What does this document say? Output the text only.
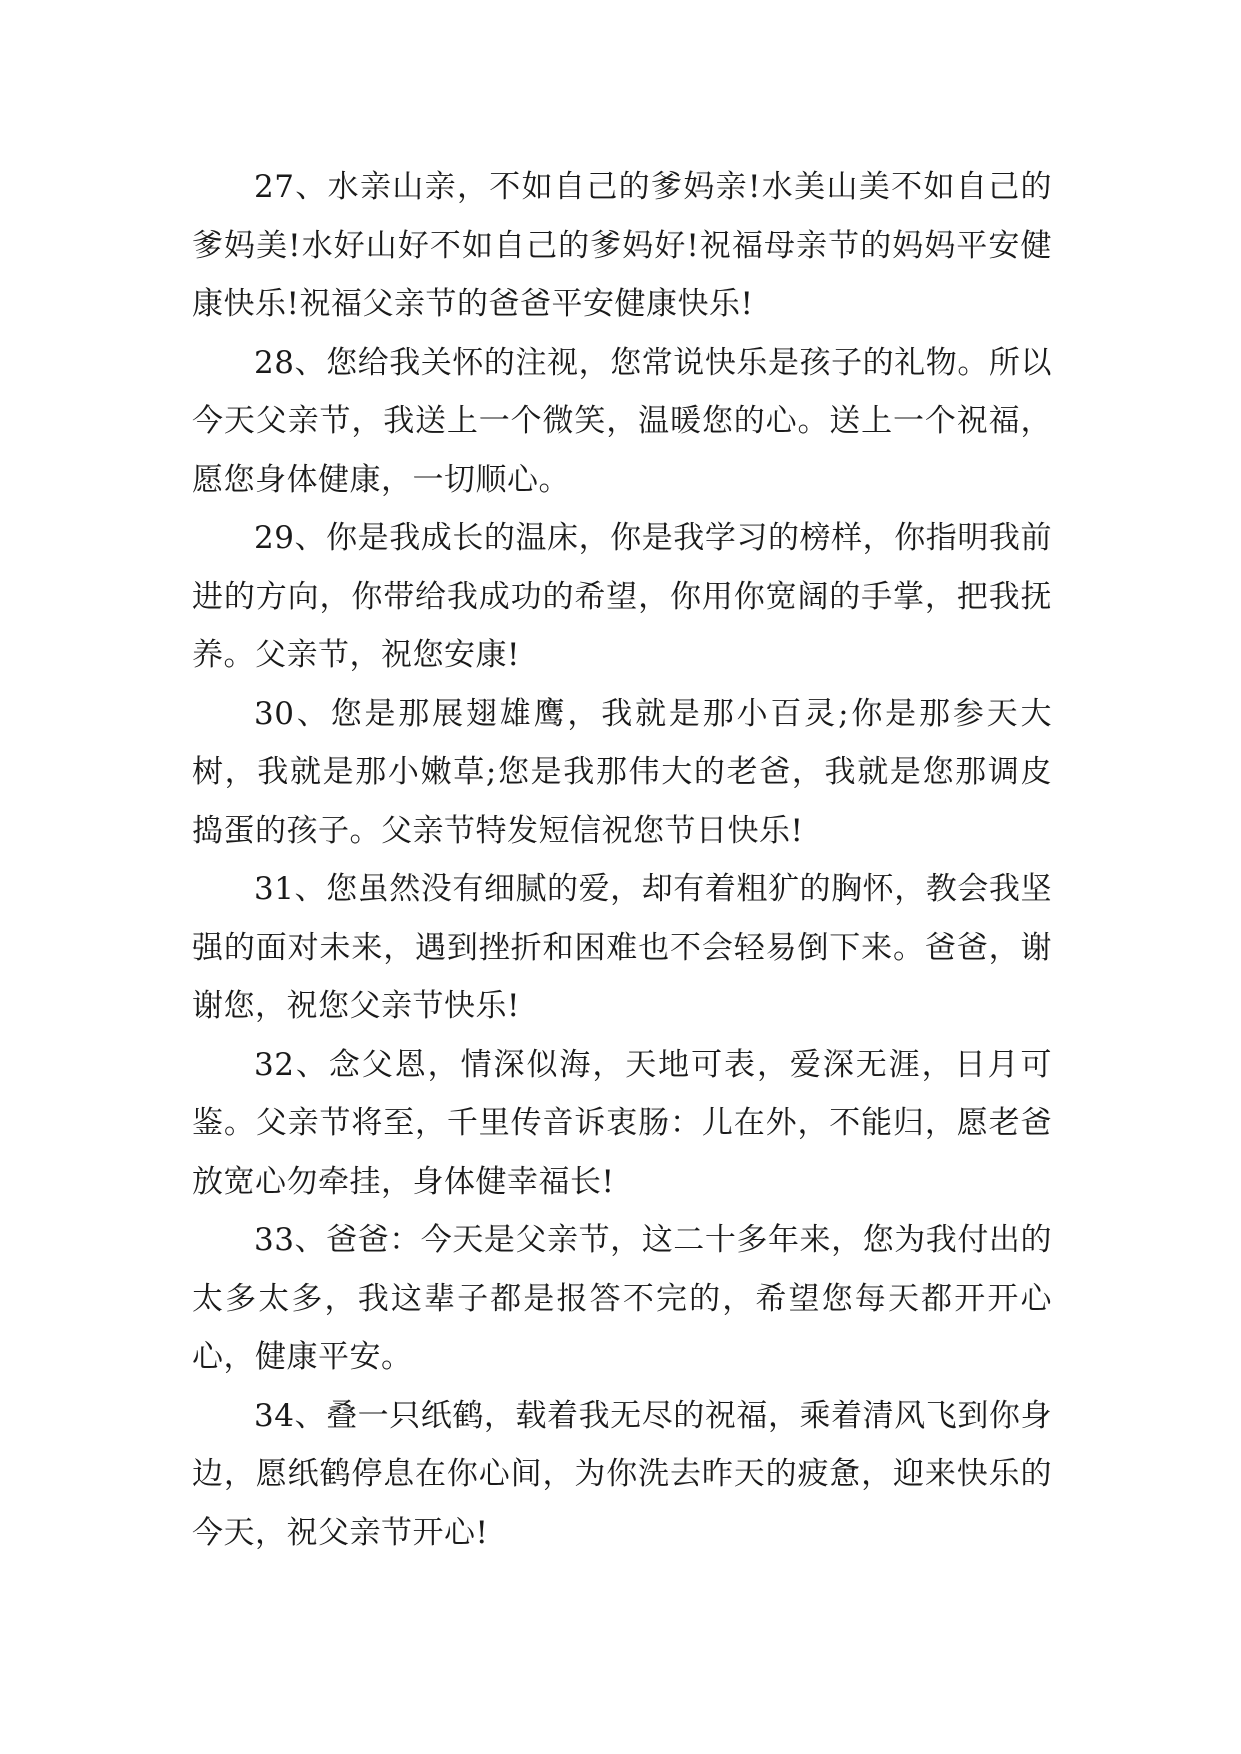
27、水亲山亲，不如自己的爹妈亲!水美山美不如自己的爹妈美!水好山好不如自己的爹妈好!祝福母亲节的妈妈平安健康快乐!祝福父亲节的爸爸平安健康快乐!

28、您给我关怀的注视，您常说快乐是孩子的礼物。所以今天父亲节，我送上一个微笑，温暖您的心。送上一个祝福，愿您身体健康，一切顺心。

29、你是我成长的温床，你是我学习的榜样，你指明我前进的方向，你带给我成功的希望，你用你宽阔的手掌，把我抚养。父亲节，祝您安康!

30、您是那展翅雄鹰，我就是那小百灵;你是那参天大树，我就是那小嫩草;您是我那伟大的老爸，我就是您那调皮捣蛋的孩子。父亲节特发短信祝您节日快乐!

31、您虽然没有细腻的爱，却有着粗犷的胸怀，教会我坚强的面对未来，遇到挫折和困难也不会轻易倒下来。爸爸，谢谢您，祝您父亲节快乐!

32、念父恩，情深似海，天地可表，爱深无涯，日月可鉴。父亲节将至，千里传音诉衷肠：儿在外，不能归，愿老爸放宽心勿牵挂，身体健幸福长!

33、爸爸：今天是父亲节，这二十多年来，您为我付出的太多太多，我这辈子都是报答不完的，希望您每天都开开心心，健康平安。

34、叠一只纸鹤，载着我无尽的祝福，乘着清风飞到你身边，愿纸鹤停息在你心间，为你洗去昨天的疲惫，迎来快乐的今天，祝父亲节开心!
